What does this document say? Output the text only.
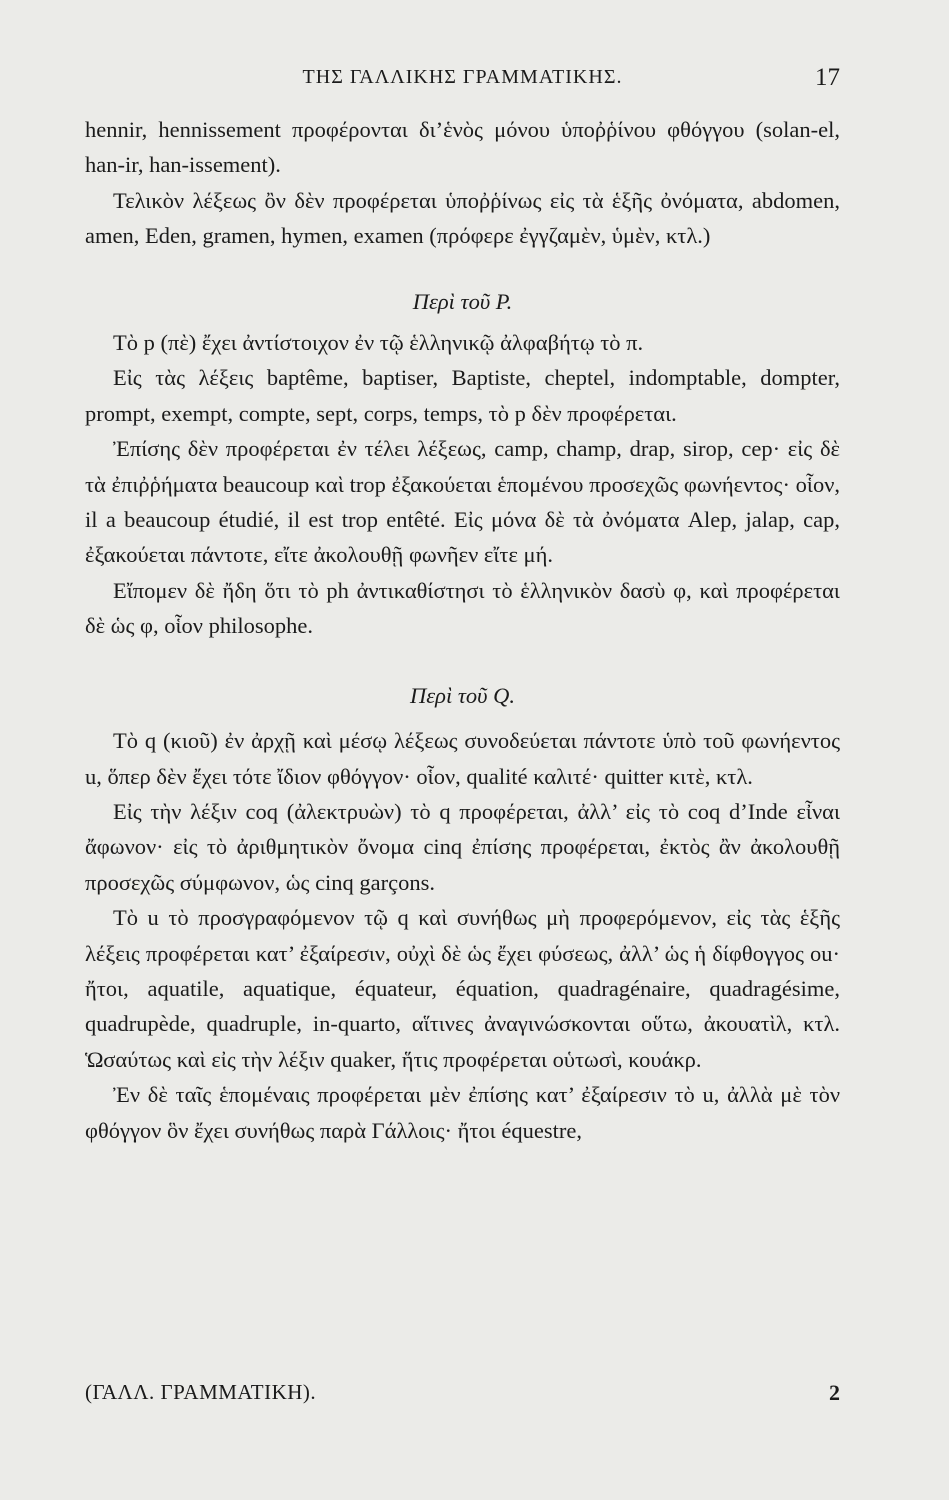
ΤΗΣ ΓΑΛΛΙΚΗΣ ΓΡΑΜΜΑΤΙΚΗΣ.	17

hennir, hennissement προφέρονται δι’ἑνὸς μόνου ὑποῤῥίνου φθόγγου (solan-el, han-ir, han-issement).

Τελικὸν λέξεως ὂν δὲν προφέρεται ὑποῤῥίνως εἰς τὰ ἑξῆς ὀνόματα, abdomen, amen, Eden, gramen, hymen, examen (πρόφερε ἐγγζαμὲν, ὑμὲν, κτλ.)

Περὶ τοῦ P.

Τὸ p (πὲ) ἔχει ἀντίστοιχον ἐν τῷ ἑλληνικῷ ἀλφαβήτῳ τὸ π.

Εἰς τὰς λέξεις baptême, baptiser, Baptiste, cheptel, indomptable, dompter, prompt, exempt, compte, sept, corps, temps, τὸ p δὲν προφέρεται.

Ἐπίσης δὲν προφέρεται ἐν τέλει λέξεως, camp, champ, drap, sirop, cep· εἰς δὲ τὰ ἐπιῤῥήματα beaucoup καὶ trop ἐξακούεται ἑπομένου προσεχῶς φωνήεντος· οἷον, il a beaucoup étudié, il est trop entêté. Εἰς μόνα δὲ τὰ ὀνόματα Alep, jalap, cap, ἐξακούεται πάντοτε, εἴτε ἀκολουθῇ φωνῆεν εἴτε μή.

Εἴπομεν δὲ ἤδη ὅτι τὸ ph ἀντικαθίστησι τὸ ἑλληνικὸν δασὺ φ, καὶ προφέρεται δὲ ὡς φ, οἷον philosophe.

Περὶ τοῦ Q.

Τὸ q (κιοῦ) ἐν ἀρχῇ καὶ μέσῳ λέξεως συνοδεύεται πάντοτε ὑπὸ τοῦ φωνήεντος u, ὅπερ δὲν ἔχει τότε ἴδιον φθόγγον· οἷον, qualité καλιτέ· quitter κιτὲ, κτλ.

Εἰς τὴν λέξιν coq (ἀλεκτρυὼν) τὸ q προφέρεται, ἀλλ’ εἰς τὸ coq d’Inde εἶναι ἄφωνον· εἰς τὸ ἀριθμητικὸν ὄνομα cinq ἐπίσης προφέρεται, ἐκτὸς ἂν ἀκολουθῇ προσεχῶς σύμφωνον, ὡς cinq garçons.

Τὸ u τὸ προσγραφόμενον τῷ q καὶ συνήθως μὴ προφερόμενον, εἰς τὰς ἑξῆς λέξεις προφέρεται κατ’ ἐξαίρεσιν, οὐχὶ δὲ ὡς ἔχει φύσεως, ἀλλ’ ὡς ἡ δίφθογγος ou· ἤτοι, aquatile, aquatique, équateur, équation, quadragénaire, quadragésime, quadrupède, quadruple, in-quarto, αἵτινες ἀναγινώσκονται οὕτω, ἀκουατὶλ, κτλ. Ὡσαύτως καὶ εἰς τὴν λέξιν quaker, ἥτις προφέρεται οὑτωσὶ, κουάκρ.

Ἐν δὲ ταῖς ἑπομέναις προφέρεται μὲν ἐπίσης κατ’ ἐξαίρεσιν τὸ u, ἀλλὰ μὲ τὸν φθόγγον ὃν ἔχει συνήθως παρὰ Γάλλοις· ἤτοι équestre,

(ΓΑΛΛ. ΓΡΑΜΜΑΤΙΚΗ).	2
